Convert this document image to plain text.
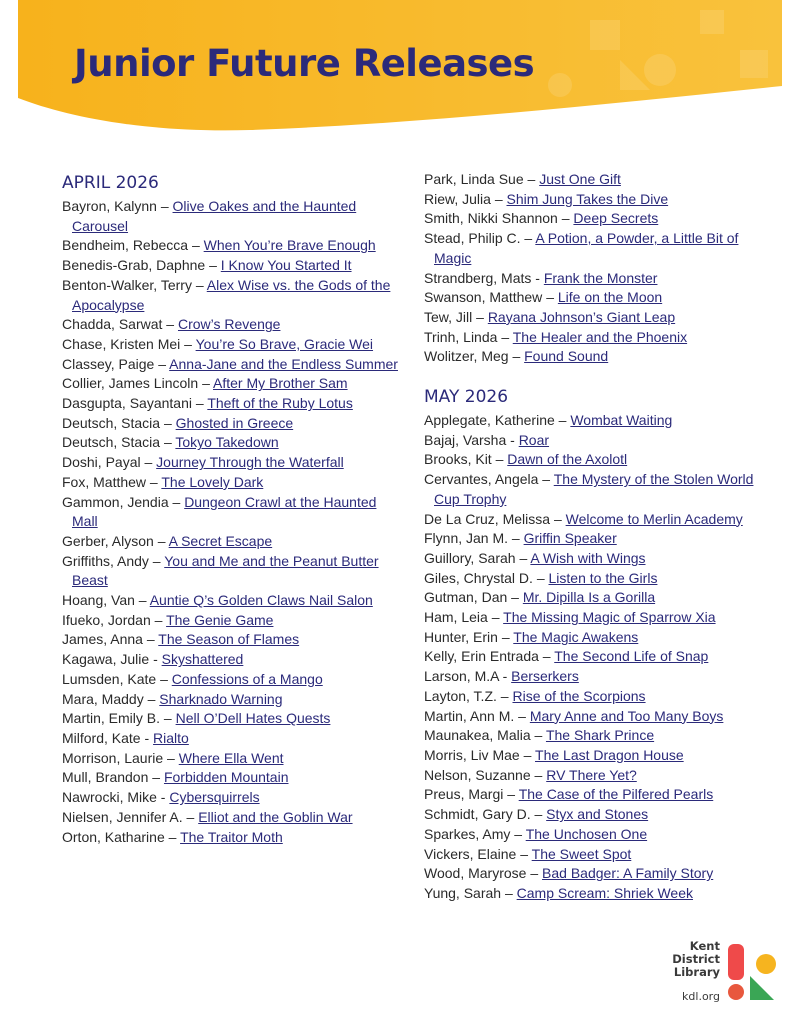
Junior Future Releases
APRIL 2026
Bayron, Kalynn – Olive Oakes and the Haunted Carousel
Bendheim, Rebecca – When You’re Brave Enough
Benedis-Grab, Daphne – I Know You Started It
Benton-Walker, Terry – Alex Wise vs. the Gods of the Apocalypse
Chadda, Sarwat – Crow’s Revenge
Chase, Kristen Mei – You’re So Brave, Gracie Wei
Classey, Paige – Anna-Jane and the Endless Summer
Collier, James Lincoln – After My Brother Sam
Dasgupta, Sayantani – Theft of the Ruby Lotus
Deutsch, Stacia – Ghosted in Greece
Deutsch, Stacia – Tokyo Takedown
Doshi, Payal – Journey Through the Waterfall
Fox, Matthew – The Lovely Dark
Gammon, Jendia – Dungeon Crawl at the Haunted Mall
Gerber, Alyson – A Secret Escape
Griffiths, Andy – You and Me and the Peanut Butter Beast
Hoang, Van – Auntie Q’s Golden Claws Nail Salon
Ifueko, Jordan – The Genie Game
James, Anna – The Season of Flames
Kagawa, Julie - Skyshattered
Lumsden, Kate – Confessions of a Mango
Mara, Maddy – Sharknado Warning
Martin, Emily B. – Nell O’Dell Hates Quests
Milford, Kate - Rialto
Morrison, Laurie – Where Ella Went
Mull, Brandon – Forbidden Mountain
Nawrocki, Mike - Cybersquirrels
Nielsen, Jennifer A. – Elliot and the Goblin War
Orton, Katharine – The Traitor Moth
Park, Linda Sue – Just One Gift
Riew, Julia – Shim Jung Takes the Dive
Smith, Nikki Shannon – Deep Secrets
Stead, Philip C. – A Potion, a Powder, a Little Bit of Magic
Strandberg, Mats - Frank the Monster
Swanson, Matthew – Life on the Moon
Tew, Jill – Rayana Johnson’s Giant Leap
Trinh, Linda – The Healer and the Phoenix
Wolitzer, Meg – Found Sound
MAY 2026
Applegate, Katherine – Wombat Waiting
Bajaj, Varsha - Roar
Brooks, Kit – Dawn of the Axolotl
Cervantes, Angela – The Mystery of the Stolen World Cup Trophy
De La Cruz, Melissa – Welcome to Merlin Academy
Flynn, Jan M. – Griffin Speaker
Guillory, Sarah – A Wish with Wings
Giles, Chrystal D. – Listen to the Girls
Gutman, Dan – Mr. Dipilla Is a Gorilla
Ham, Leia – The Missing Magic of Sparrow Xia
Hunter, Erin – The Magic Awakens
Kelly, Erin Entrada – The Second Life of Snap
Larson, M.A - Berserkers
Layton, T.Z. – Rise of the Scorpions
Martin, Ann M. – Mary Anne and Too Many Boys
Maunakea, Malia – The Shark Prince
Morris, Liv Mae – The Last Dragon House
Nelson, Suzanne – RV There Yet?
Preus, Margi – The Case of the Pilfered Pearls
Schmidt, Gary D. – Styx and Stones
Sparkes, Amy – The Unchosen One
Vickers, Elaine – The Sweet Spot
Wood, Maryrose – Bad Badger: A Family Story
Yung, Sarah – Camp Scream: Shriek Week
Kent
District
Library
kdl.org
